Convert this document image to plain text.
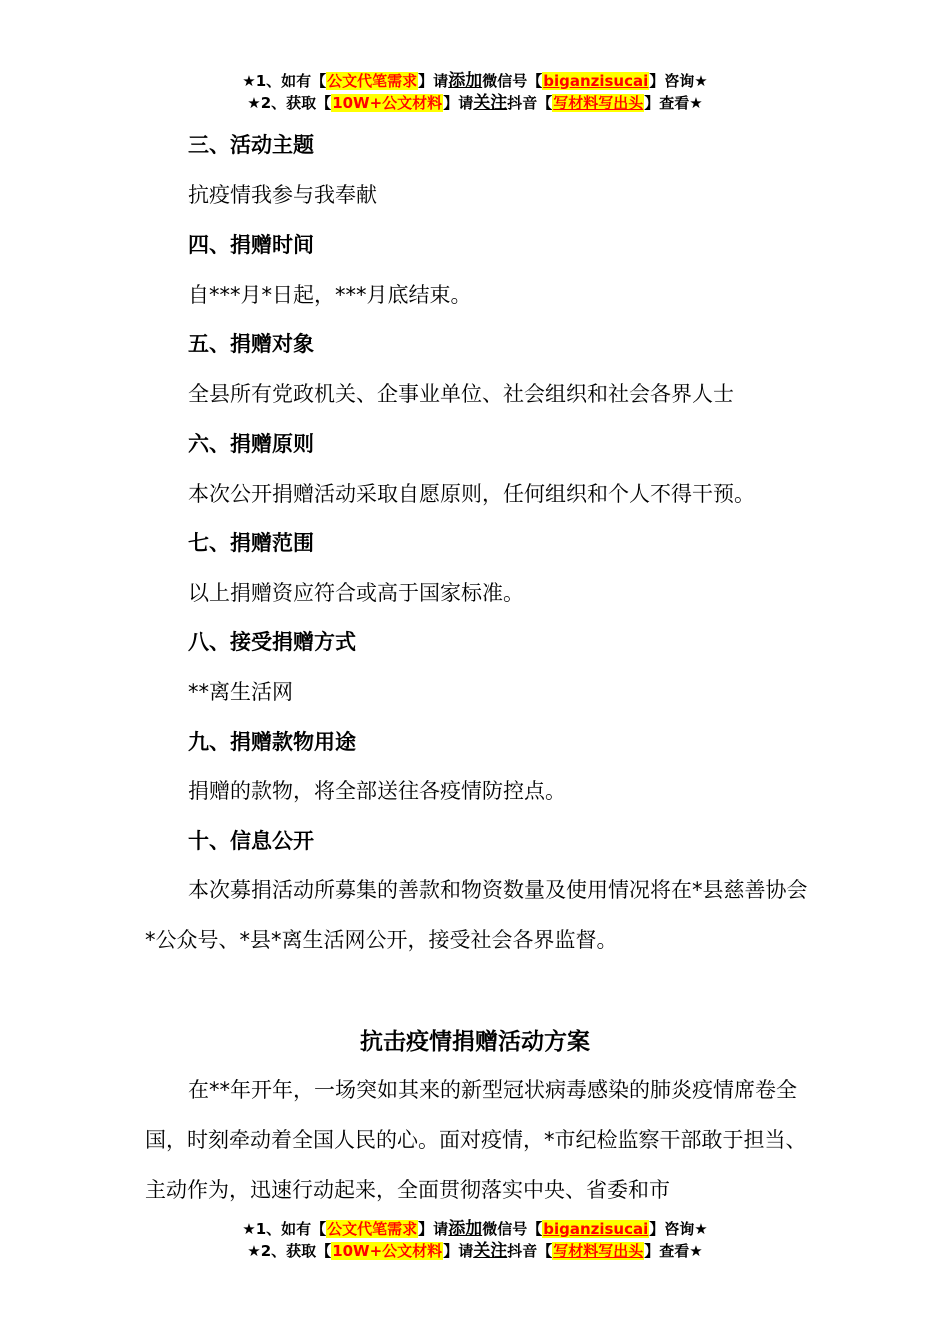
★1、如有【公文代笔需求】请添加微信号【biganzisucai】咨询★
★2、获取【10W+公文材料】请关注抖音【写材料写出头】查看★
三、活动主题
抗疫情我参与我奉献
四、捐赠时间
自***月*日起，***月底结束。
五、捐赠对象
全县所有党政机关、企事业单位、社会组织和社会各界人士
六、捐赠原则
本次公开捐赠活动采取自愿原则，任何组织和个人不得干预。
七、捐赠范围
以上捐赠资应符合或高于国家标准。
八、接受捐赠方式
**离生活网
九、捐赠款物用途
捐赠的款物，将全部送往各疫情防控点。
十、信息公开
本次募捐活动所募集的善款和物资数量及使用情况将在*县慈善协会*公众号、*县*离生活网公开，接受社会各界监督。
抗击疫情捐赠活动方案
在**年开年，一场突如其来的新型冠状病毒感染的肺炎疫情席卷全国，时刻牵动着全国人民的心。面对疫情，*市纪检监察干部敢于担当、主动作为，迅速行动起来，全面贯彻落实中央、省委和市
★1、如有【公文代笔需求】请添加微信号【biganzisucai】咨询★
★2、获取【10W+公文材料】请关注抖音【写材料写出头】查看★
